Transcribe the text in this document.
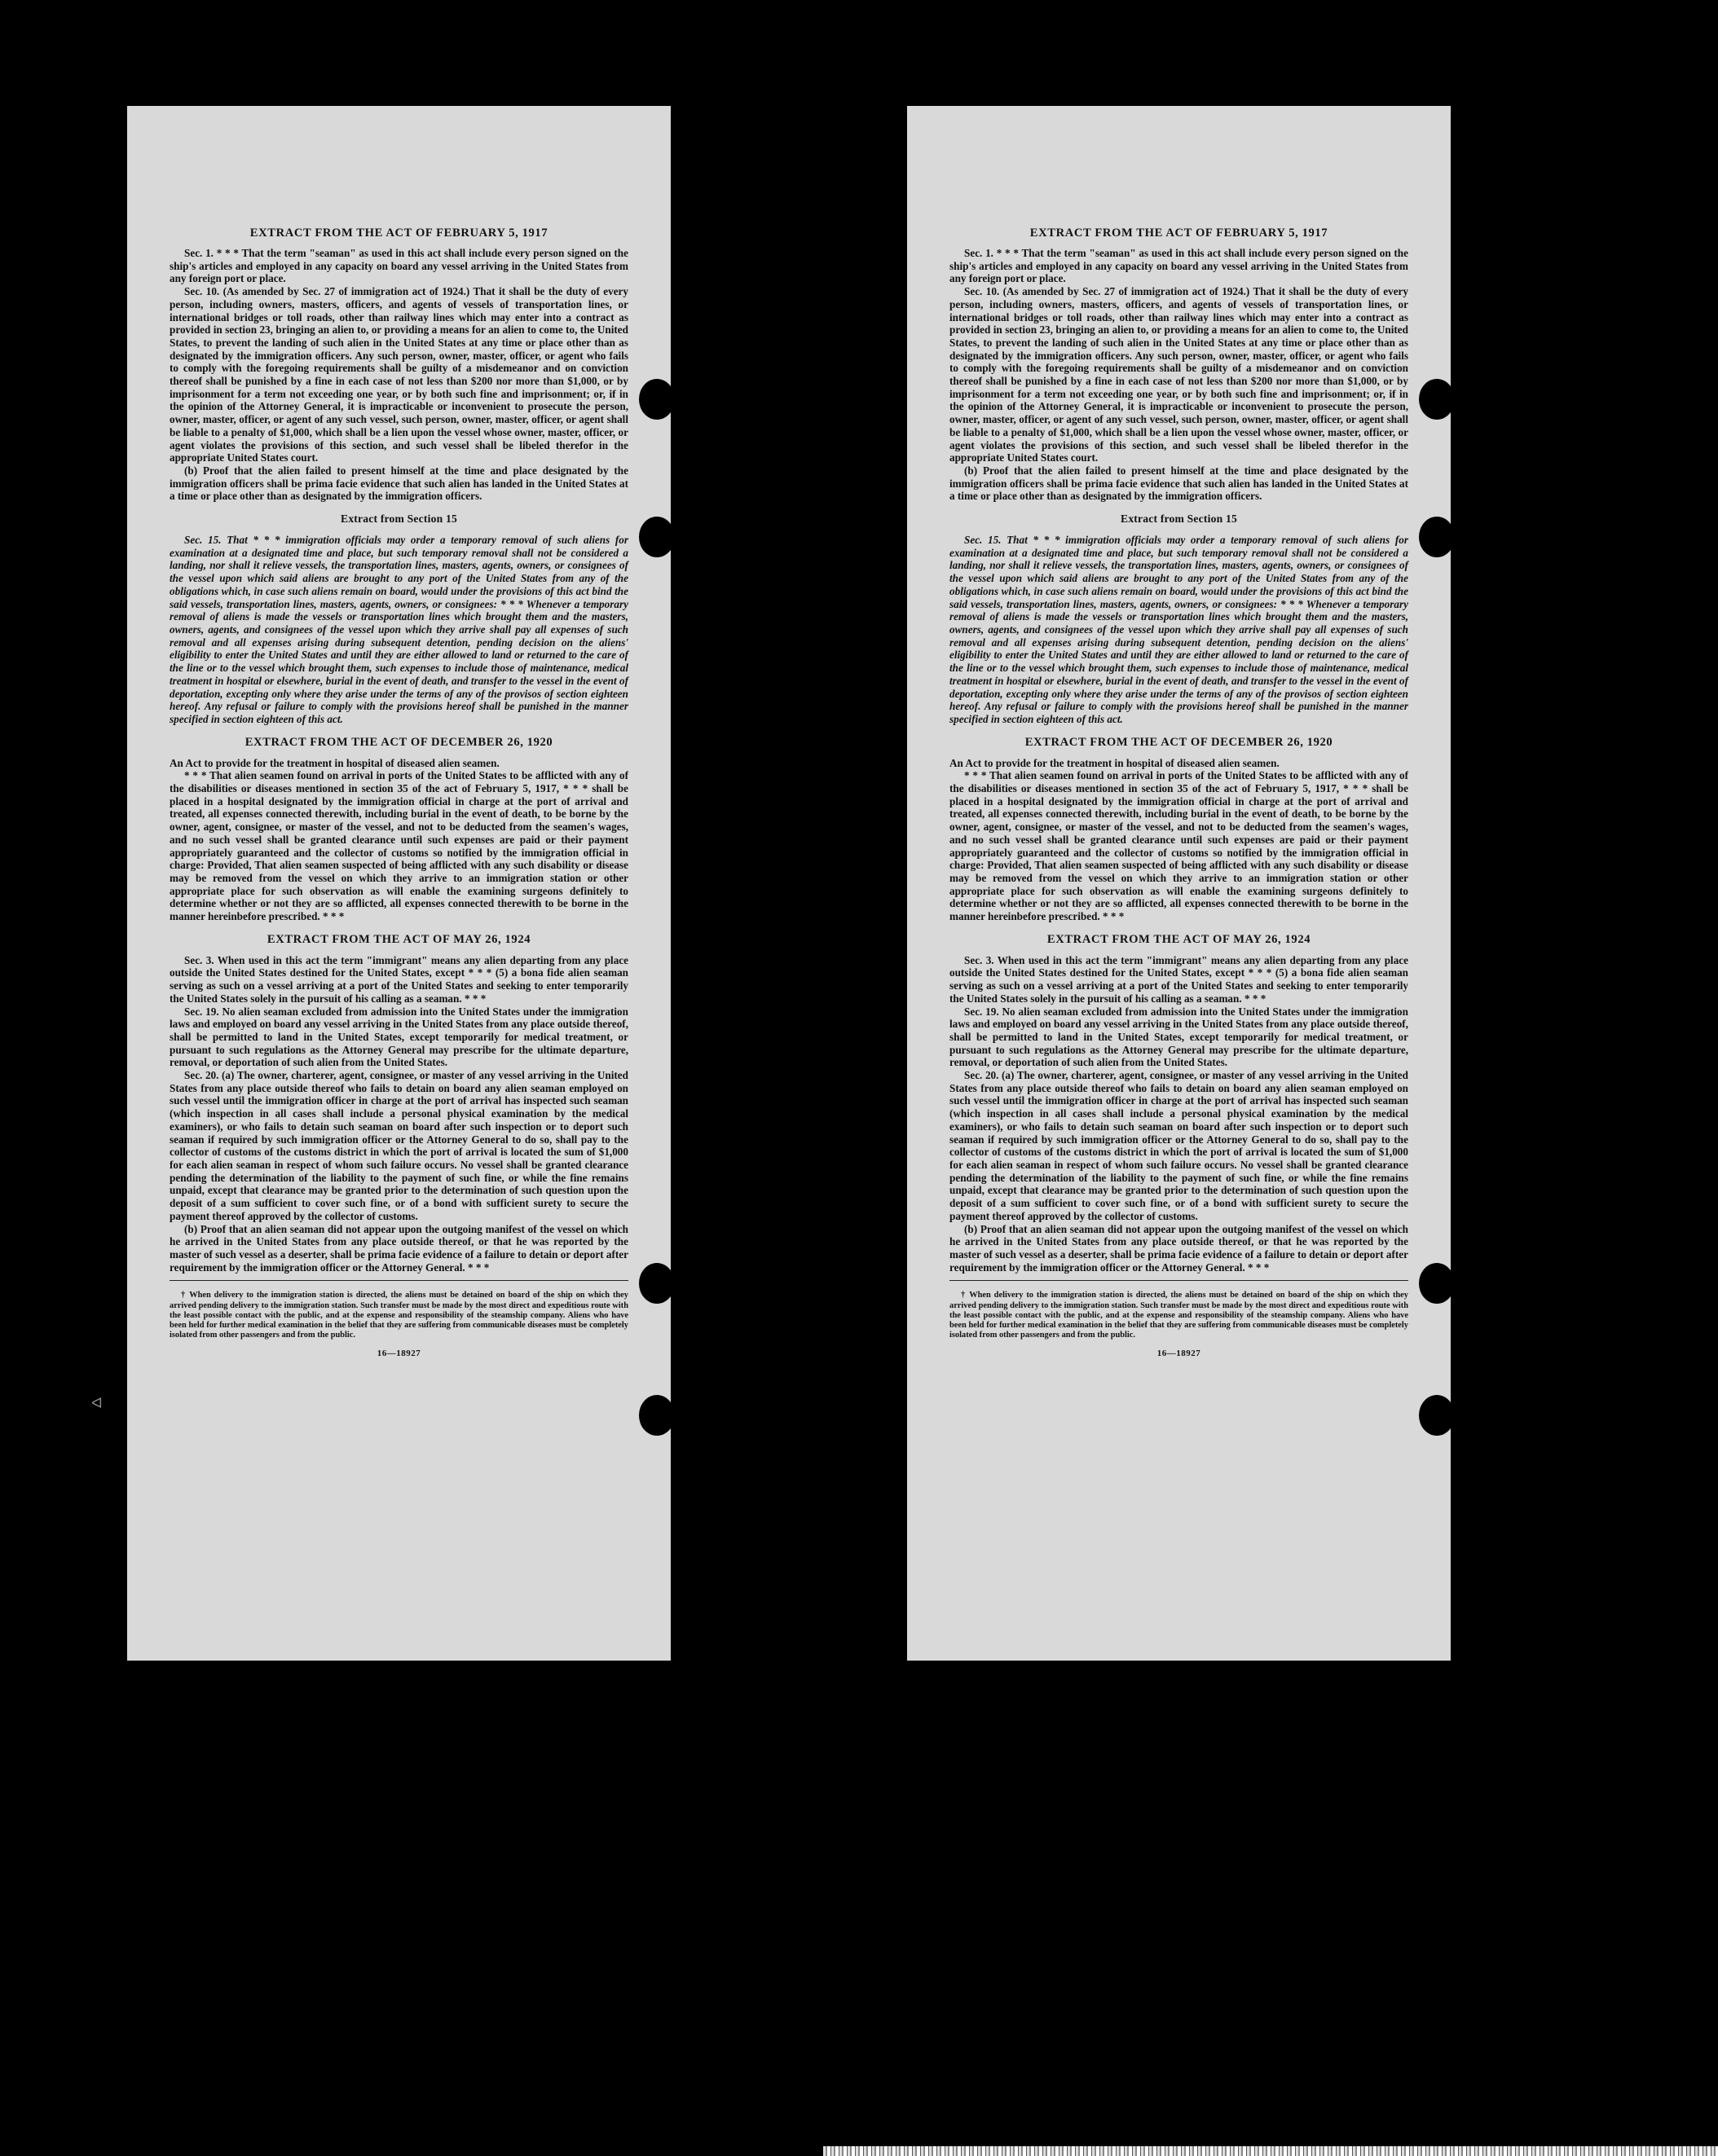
EXTRACT FROM THE ACT OF FEBRUARY 5, 1917

Sec. 1. * * * That the term "seaman" as used in this act shall include every person signed on the ship's articles and employed in any capacity on board any vessel arriving in the United States from any foreign port or place.

Sec. 10. (As amended by Sec. 27 of immigration act of 1924.) That it shall be the duty of every person, including owners, masters, officers, and agents of vessels of transportation lines, or international bridges or toll roads, other than railway lines which may enter into a contract as provided in section 23, bringing an alien to, or providing a means for an alien to come to, the United States, to prevent the landing of such alien in the United States at any time or place other than as designated by the immigration officers. Any such person, owner, master, officer, or agent who fails to comply with the foregoing requirements shall be guilty of a misdemeanor and on conviction thereof shall be punished by a fine in each case of not less than $200 nor more than $1,000, or by imprisonment for a term not exceeding one year, or by both such fine and imprisonment; or, if in the opinion of the Attorney General, it is impracticable or inconvenient to prosecute the person, owner, master, officer, or agent of any such vessel, such person, owner, master, officer, or agent shall be liable to a penalty of $1,000, which shall be a lien upon the vessel whose owner, master, officer, or agent violates the provisions of this section, and such vessel shall be libeled therefor in the appropriate United States court.

(b) Proof that the alien failed to present himself at the time and place designated by the immigration officers shall be prima facie evidence that such alien has landed in the United States at a time or place other than as designated by the immigration officers.

Extract from Section 15

Sec. 15. That * * * immigration officials may order a temporary removal of such aliens for examination at a designated time and place, but such temporary removal shall not be considered a landing, nor shall it relieve vessels, the transportation lines, masters, agents, owners, or consignees of the vessel upon which said aliens are brought to any port of the United States from any of the obligations which, in case such aliens remain on board, would under the provisions of this act bind the said vessels, transportation lines, masters, agents, owners, or consignees: * * * Whenever a temporary removal of aliens is made the vessels or transportation lines which brought them and the masters, owners, agents, and consignees of the vessel upon which they arrive shall pay all expenses of such removal and all expenses arising during subsequent detention, pending decision on the aliens' eligibility to enter the United States and until they are either allowed to land or returned to the care of the line or to the vessel which brought them, such expenses to include those of maintenance, medical treatment in hospital or elsewhere, burial in the event of death, and transfer to the vessel in the event of deportation, excepting only where they arise under the terms of any of the provisos of section eighteen hereof. Any refusal or failure to comply with the provisions hereof shall be punished in the manner specified in section eighteen of this act.

EXTRACT FROM THE ACT OF DECEMBER 26, 1920

An Act to provide for the treatment in hospital of diseased alien seamen.

* * * That alien seamen found on arrival in ports of the United States to be afflicted with any of the disabilities or diseases mentioned in section 35 of the act of February 5, 1917, * * * shall be placed in a hospital designated by the immigration official in charge at the port of arrival and treated, all expenses connected therewith, including burial in the event of death, to be borne by the owner, agent, consignee, or master of the vessel, and not to be deducted from the seamen's wages, and no such vessel shall be granted clearance until such expenses are paid or their payment appropriately guaranteed and the collector of customs so notified by the immigration official in charge: Provided, That alien seamen suspected of being afflicted with any such disability or disease may be removed from the vessel on which they arrive to an immigration station or other appropriate place for such observation as will enable the examining surgeons definitely to determine whether or not they are so afflicted, all expenses connected therewith to be borne in the manner hereinbefore prescribed. * * *

EXTRACT FROM THE ACT OF MAY 26, 1924

Sec. 3. When used in this act the term "immigrant" means any alien departing from any place outside the United States destined for the United States, except * * * (5) a bona fide alien seaman serving as such on a vessel arriving at a port of the United States and seeking to enter temporarily the United States solely in the pursuit of his calling as a seaman. * * *

Sec. 19. No alien seaman excluded from admission into the United States under the immigration laws and employed on board any vessel arriving in the United States from any place outside thereof, shall be permitted to land in the United States, except temporarily for medical treatment, or pursuant to such regulations as the Attorney General may prescribe for the ultimate departure, removal, or deportation of such alien from the United States.

Sec. 20. (a) The owner, charterer, agent, consignee, or master of any vessel arriving in the United States from any place outside thereof who fails to detain on board any alien seaman employed on such vessel until the immigration officer in charge at the port of arrival has inspected such seaman (which inspection in all cases shall include a personal physical examination by the medical examiners), or who fails to detain such seaman on board after such inspection or to deport such seaman if required by such immigration officer or the Attorney General to do so, shall pay to the collector of customs of the customs district in which the port of arrival is located the sum of $1,000 for each alien seaman in respect of whom such failure occurs. No vessel shall be granted clearance pending the determination of the liability to the payment of such fine, or while the fine remains unpaid, except that clearance may be granted prior to the determination of such question upon the deposit of a sum sufficient to cover such fine, or of a bond with sufficient surety to secure the payment thereof approved by the collector of customs.

(b) Proof that an alien seaman did not appear upon the outgoing manifest of the vessel on which he arrived in the United States from any place outside thereof, or that he was reported by the master of such vessel as a deserter, shall be prima facie evidence of a failure to detain or deport after requirement by the immigration officer or the Attorney General. * * *

† When delivery to the immigration station is directed, the aliens must be detained on board of the ship on which they arrived pending delivery to the immigration station. Such transfer must be made by the most direct and expeditious route with the least possible contact with the public, and at the expense and responsibility of the steamship company. Aliens who have been held for further medical examination in the belief that they are suffering from communicable diseases must be completely isolated from other passengers and from the public.

16—18927
EXTRACT FROM THE ACT OF FEBRUARY 5, 1917

Sec. 1. * * * That the term "seaman" as used in this act shall include every person signed on the ship's articles and employed in any capacity on board any vessel arriving in the United States from any foreign port or place.

Sec. 10. (As amended by Sec. 27 of immigration act of 1924.) That it shall be the duty of every person, including owners, masters, officers, and agents of vessels of transportation lines, or international bridges or toll roads, other than railway lines which may enter into a contract as provided in section 23, bringing an alien to, or providing a means for an alien to come to, the United States, to prevent the landing of such alien in the United States at any time or place other than as designated by the immigration officers. Any such person, owner, master, officer, or agent who fails to comply with the foregoing requirements shall be guilty of a misdemeanor and on conviction thereof shall be punished by a fine in each case of not less than $200 nor more than $1,000, or by imprisonment for a term not exceeding one year, or by both such fine and imprisonment; or, if in the opinion of the Attorney General, it is impracticable or inconvenient to prosecute the person, owner, master, officer, or agent of any such vessel, such person, owner, master, officer, or agent shall be liable to a penalty of $1,000, which shall be a lien upon the vessel whose owner, master, officer, or agent violates the provisions of this section, and such vessel shall be libeled therefor in the appropriate United States court.

(b) Proof that the alien failed to present himself at the time and place designated by the immigration officers shall be prima facie evidence that such alien has landed in the United States at a time or place other than as designated by the immigration officers.

Extract from Section 15

Sec. 15. That * * * immigration officials may order a temporary removal of such aliens for examination at a designated time and place, but such temporary removal shall not be considered a landing, nor shall it relieve vessels, the transportation lines, masters, agents, owners, or consignees of the vessel upon which said aliens are brought to any port of the United States from any of the obligations which, in case such aliens remain on board, would under the provisions of this act bind the said vessels, transportation lines, masters, agents, owners, or consignees: * * * Whenever a temporary removal of aliens is made the vessels or transportation lines which brought them and the masters, owners, agents, and consignees of the vessel upon which they arrive shall pay all expenses of such removal and all expenses arising during subsequent detention, pending decision on the aliens' eligibility to enter the United States and until they are either allowed to land or returned to the care of the line or to the vessel which brought them, such expenses to include those of maintenance, medical treatment in hospital or elsewhere, burial in the event of death, and transfer to the vessel in the event of deportation, excepting only where they arise under the terms of any of the provisos of section eighteen hereof. Any refusal or failure to comply with the provisions hereof shall be punished in the manner specified in section eighteen of this act.

EXTRACT FROM THE ACT OF DECEMBER 26, 1920

An Act to provide for the treatment in hospital of diseased alien seamen.

* * * That alien seamen found on arrival in ports of the United States to be afflicted with any of the disabilities or diseases mentioned in section 35 of the act of February 5, 1917, * * * shall be placed in a hospital designated by the immigration official in charge at the port of arrival and treated, all expenses connected therewith, including burial in the event of death, to be borne by the owner, agent, consignee, or master of the vessel, and not to be deducted from the seamen's wages, and no such vessel shall be granted clearance until such expenses are paid or their payment appropriately guaranteed and the collector of customs so notified by the immigration official in charge: Provided, That alien seamen suspected of being afflicted with any such disability or disease may be removed from the vessel on which they arrive to an immigration station or other appropriate place for such observation as will enable the examining surgeons definitely to determine whether or not they are so afflicted, all expenses connected therewith to be borne in the manner hereinbefore prescribed. * * *

EXTRACT FROM THE ACT OF MAY 26, 1924

Sec. 3. When used in this act the term "immigrant" means any alien departing from any place outside the United States destined for the United States, except * * * (5) a bona fide alien seaman serving as such on a vessel arriving at a port of the United States and seeking to enter temporarily the United States solely in the pursuit of his calling as a seaman. * * *

Sec. 19. No alien seaman excluded from admission into the United States under the immigration laws and employed on board any vessel arriving in the United States from any place outside thereof, shall be permitted to land in the United States, except temporarily for medical treatment, or pursuant to such regulations as the Attorney General may prescribe for the ultimate departure, removal, or deportation of such alien from the United States.

Sec. 20. (a) The owner, charterer, agent, consignee, or master of any vessel arriving in the United States from any place outside thereof who fails to detain on board any alien seaman employed on such vessel until the immigration officer in charge at the port of arrival has inspected such seaman (which inspection in all cases shall include a personal physical examination by the medical examiners), or who fails to detain such seaman on board after such inspection or to deport such seaman if required by such immigration officer or the Attorney General to do so, shall pay to the collector of customs of the customs district in which the port of arrival is located the sum of $1,000 for each alien seaman in respect of whom such failure occurs. No vessel shall be granted clearance pending the determination of the liability to the payment of such fine, or while the fine remains unpaid, except that clearance may be granted prior to the determination of such question upon the deposit of a sum sufficient to cover such fine, or of a bond with sufficient surety to secure the payment thereof approved by the collector of customs.

(b) Proof that an alien seaman did not appear upon the outgoing manifest of the vessel on which he arrived in the United States from any place outside thereof, or that he was reported by the master of such vessel as a deserter, shall be prima facie evidence of a failure to detain or deport after requirement by the immigration officer or the Attorney General. * * *

† When delivery to the immigration station is directed, the aliens must be detained on board of the ship on which they arrived pending delivery to the immigration station. Such transfer must be made by the most direct and expeditious route with the least possible contact with the public, and at the expense and responsibility of the steamship company. Aliens who have been held for further medical examination in the belief that they are suffering from communicable diseases must be completely isolated from other passengers and from the public.

16—18927
ᐊ
